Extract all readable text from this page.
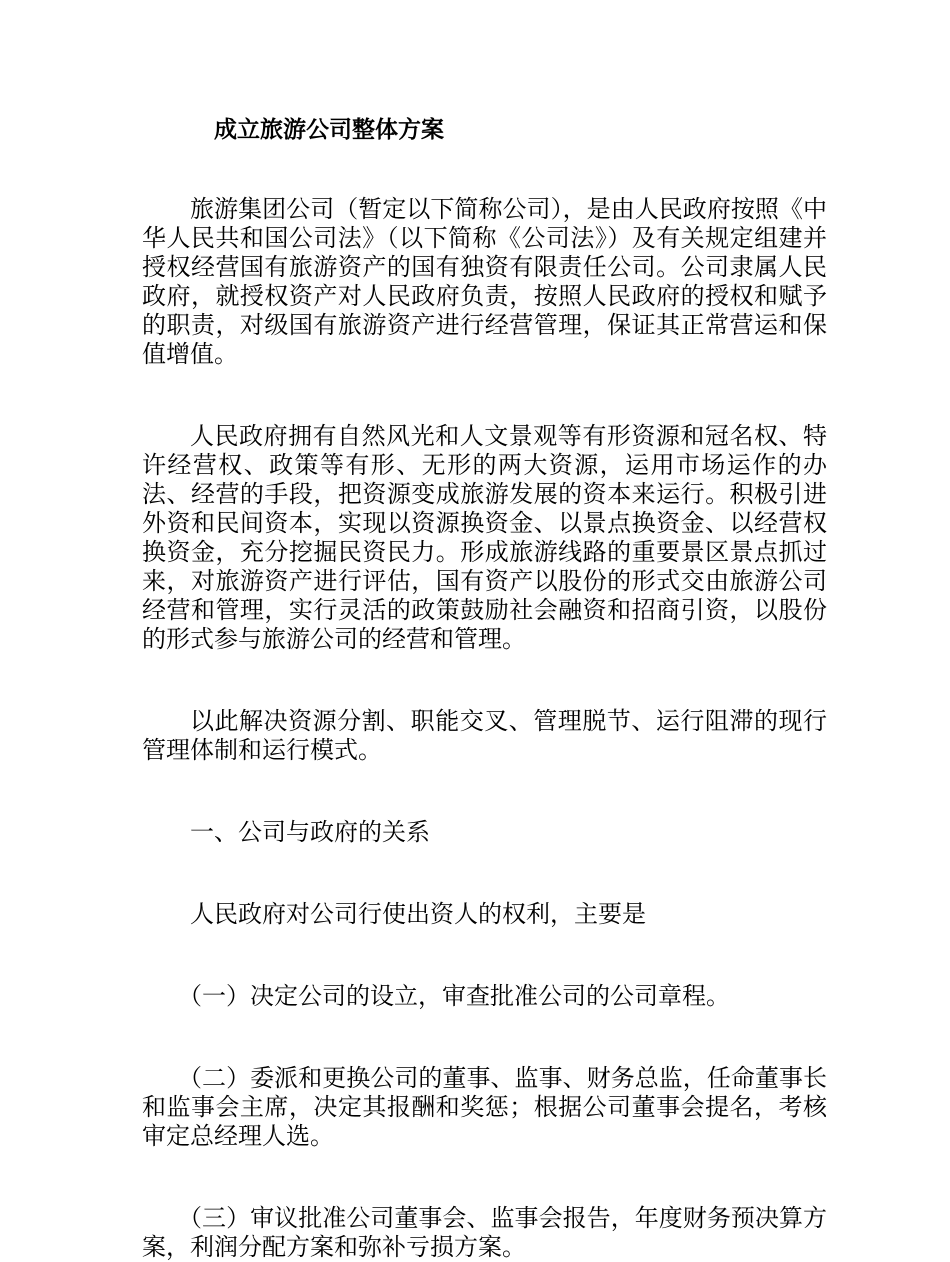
成立旅游公司整体方案

旅游集团公司（暂定以下简称公司），是由人民政府按照《中华人民共和国公司法》（以下简称《公司法》）及有关规定组建并授权经营国有旅游资产的国有独资有限责任公司。公司隶属人民政府，就授权资产对人民政府负责，按照人民政府的授权和赋予的职责，对级国有旅游资产进行经营管理，保证其正常营运和保值增值。

人民政府拥有自然风光和人文景观等有形资源和冠名权、特许经营权、政策等有形、无形的两大资源，运用市场运作的办法、经营的手段，把资源变成旅游发展的资本来运行。积极引进外资和民间资本，实现以资源换资金、以景点换资金、以经营权换资金，充分挖掘民资民力。形成旅游线路的重要景区景点抓过来，对旅游资产进行评估，国有资产以股份的形式交由旅游公司经营和管理，实行灵活的政策鼓励社会融资和招商引资，以股份的形式参与旅游公司的经营和管理。

以此解决资源分割、职能交叉、管理脱节、运行阻滞的现行管理体制和运行模式。

一、公司与政府的关系

人民政府对公司行使出资人的权利，主要是

（一）决定公司的设立，审查批准公司的公司章程。

（二）委派和更换公司的董事、监事、财务总监，任命董事长和监事会主席，决定其报酬和奖惩；根据公司董事会提名，考核审定总经理人选。

（三）审议批准公司董事会、监事会报告，年度财务预决算方案，利润分配方案和弥补亏损方案。
